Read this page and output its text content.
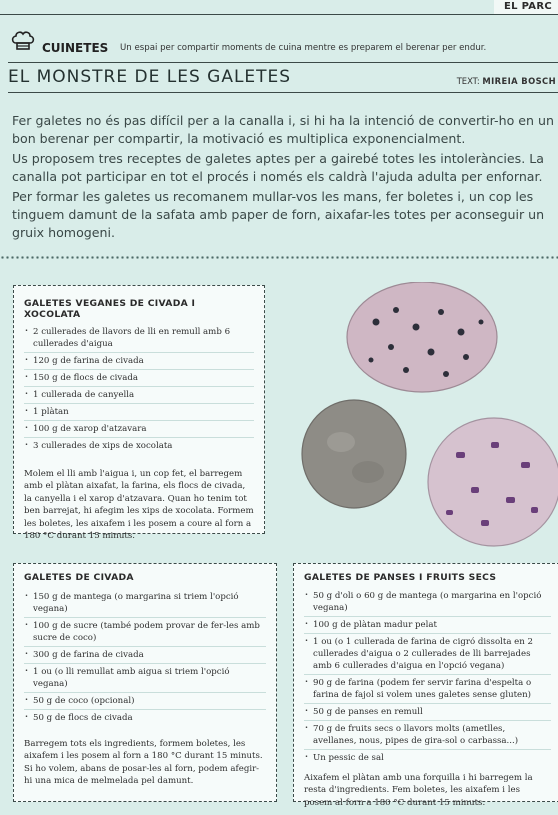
EL PARC
CUINETES Un espai per compartir moments de cuina mentre es preparem el berenar per endur.
EL MONSTRE DE LES GALETES	TEXT: MIREIA BOSCH

Fer galetes no és pas difícil per a la canalla i, si hi ha la intenció de convertir-ho en un bon berenar per compartir, la motivació es multiplica exponencialment.

Us proposem tres receptes de galetes aptes per a gairebé totes les intoleràncies. La canalla pot participar en tot el procés i només els caldrà l'ajuda adulta per enfornar.

Per formar les galetes us recomanem mullar-vos les mans, fer boletes i, un cop les tinguem damunt de la safata amb paper de forn, aixafar-les totes per aconseguir un gruix homogeni.

GALETES VEGANES DE CIVADA I XOCOLATA
· 2 cullerades de llavors de lli en remull amb 6 cullerades d'aigua
· 120 g de farina de civada
· 150 g de flocs de civada
· 1 cullerada de canyella
· 1 plàtan
· 100 g de xarop d'atzavara
· 3 cullerades de xips de xocolata

Molem el lli amb l'aigua i, un cop fet, el barregem amb el plàtan aixafat, la farina, els flocs de civada, la canyella i el xarop d'atzavara. Quan ho tenim tot ben barrejat, hi afegim les xips de xocolata. Formem les boletes, les aixafem i les posem a coure al forn a 180 °C durant 15 minuts.

GALETES DE CIVADA
· 150 g de mantega (o margarina si triem l'opció vegana)
· 100 g de sucre (també podem provar de fer-les amb sucre de coco)
· 300 g de farina de civada
· 1 ou (o lli remullat amb aigua si triem l'opció vegana)
· 50 g de coco (opcional)
· 50 g de flocs de civada

Barregem tots els ingredients, formem boletes, les aixafem i les posem al forn a 180 °C durant 15 minuts. Si ho volem, abans de posar-les al forn, podem afegir-hi una mica de melmelada pel damunt.

GALETES DE PANSES I FRUITS SECS
· 50 g d'oli o 60 g de mantega (o margarina en l'opció vegana)
· 100 g de plàtan madur pelat
· 1 ou (o 1 cullerada de farina de cigró dissolta en 2 cullerades d'aigua o 2 cullerades de lli barrejades amb 6 cullerades d'aigua en l'opció vegana)
· 90 g de farina (podem fer servir farina d'espelta o farina de fajol si volem unes galetes sense gluten)
· 50 g de panses en remull
· 70 g de fruits secs o llavors molts (ametlles, avellanes, nous, pipes de gira-sol o carbassa...)
· Un pessic de sal

Aixafem el plàtan amb una forquilla i hi barregem la resta d'ingredients. Fem boletes, les aixafem i les posem al forn a 180 °C durant 15 minuts.
